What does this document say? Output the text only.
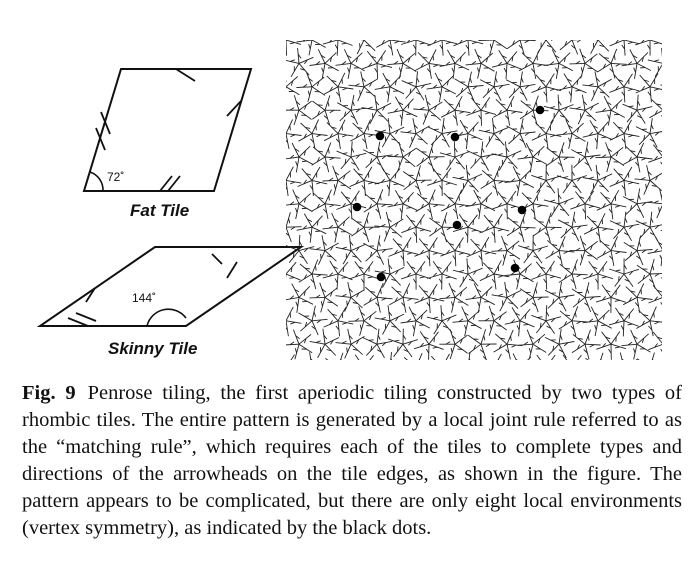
72˚
Fat Tile
144˚
Skinny Tile

Fig. 9 Penrose tiling, the first aperiodic tiling constructed by two types of rhombic tiles. The entire pattern is generated by a local joint rule referred to as the “matching rule”, which requires each of the tiles to complete types and directions of the arrowheads on the tile edges, as shown in the figure. The pattern appears to be complicated, but there are only eight local environments (vertex symmetry), as indicated by the black dots.
